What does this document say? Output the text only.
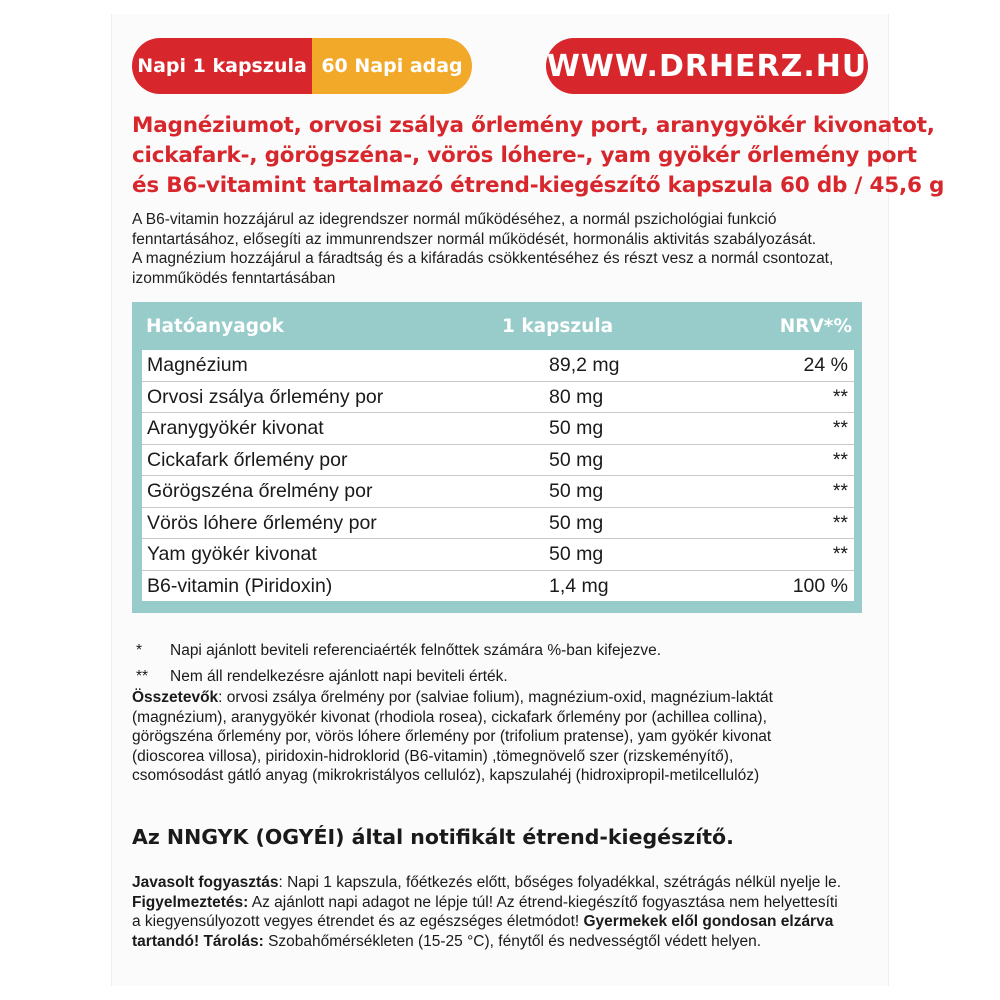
Napi 1 kapszula 60 Napi adag	WWW.DRHERZ.HU
Magnéziumot, orvosi zsálya őrlemény port, aranygyökér kivonatot,
cickafark-, görögszéna-, vörös lóhere-, yam gyökér őrlemény port
és B6-vitamint tartalmazó étrend-kiegészítő kapszula 60 db / 45,6 g
A B6-vitamin hozzájárul az idegrendszer normál működéséhez, a normál pszichológiai funkció
fenntartásához, elősegíti az immunrendszer normál működését, hormonális aktivitás szabályozását.
A magnézium hozzájárul a fáradtság és a kifáradás csökkentéséhez és részt vesz a normál csontozat,
izomműködés fenntartásában
Hatóanyagok	1 kapszula	NRV*%
Magnézium	89,2 mg	24 %
Orvosi zsálya őrlemény por	80 mg	**
Aranygyökér kivonat	50 mg	**
Cickafark őrlemény por	50 mg	**
Görögszéna őrelmény por	50 mg	**
Vörös lóhere őrlemény por	50 mg	**
Yam gyökér kivonat	50 mg	**
B6-vitamin (Piridoxin)	1,4 mg	100 %
* Napi ajánlott beviteli referenciaérték felnőttek számára %-ban kifejezve.
** Nem áll rendelkezésre ajánlott napi beviteli érték.
Összetevők: orvosi zsálya őrelmény por (salviae folium), magnézium-oxid, magnézium-laktát
(magnézium), aranygyökér kivonat (rhodiola rosea), cickafark őrlemény por (achillea collina),
görögszéna őrlemény por, vörös lóhere őrlemény por (trifolium pratense), yam gyökér kivonat
(dioscorea villosa), piridoxin-hidroklorid (B6-vitamin) ,tömegnövelő szer (rizskeményítő),
csomósodást gátló anyag (mikrokristályos cellulóz), kapszulahéj (hidroxipropil-metilcellulóz)
Az NNGYK (OGYÉI) által notifikált étrend-kiegészítő.
Javasolt fogyasztás: Napi 1 kapszula, főétkezés előtt, bőséges folyadékkal, szétrágás nélkül nyelje le.
Figyelmeztetés: Az ajánlott napi adagot ne lépje túl! Az étrend-kiegészítő fogyasztása nem helyettesíti
a kiegyensúlyozott vegyes étrendet és az egészséges életmódot! Gyermekek elől gondosan elzárva
tartandó! Tárolás: Szobahőmérsékleten (15-25 °C), fénytől és nedvességtől védett helyen.
